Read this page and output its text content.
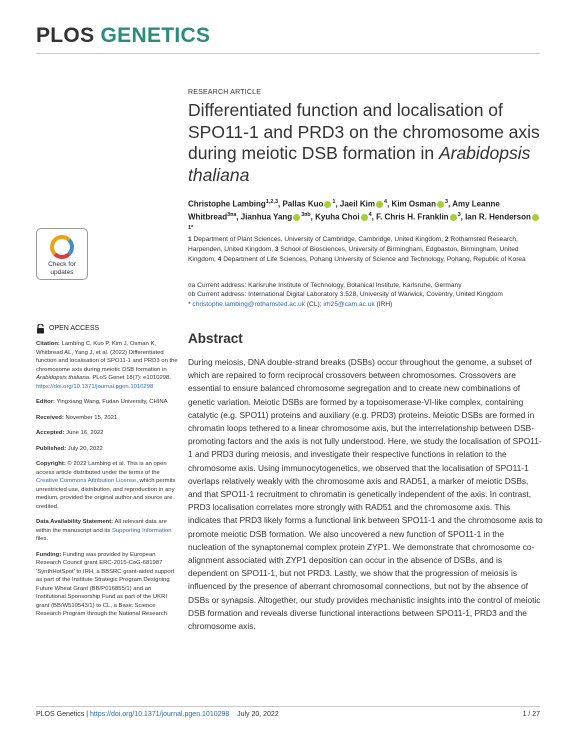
PLOS GENETICS
Check for
updates
OPEN ACCESS
Citation: Lambing C, Kuo P, Kim J, Osman K, Whitbread AL, Yang J, et al. (2022) Differentiated function and localisation of SPO11-1 and PRD3 on the chromosome axis during meiotic DSB formation in Arabidopsis thaliana. PLoS Genet 18(7): e1010298. https://doi.org/10.1371/journal.pgen.1010298
Editor: Yingxiang Wang, Fudan University, CHINA
Received: November 15, 2021
Accepted: June 16, 2022
Published: July 20, 2022
Copyright: © 2022 Lambing et al. This is an open access article distributed under the terms of the Creative Commons Attribution License, which permits unrestricted use, distribution, and reproduction in any medium, provided the original author and source are credited.
Data Availability Statement: All relevant data are within the manuscript and its Supporting Information files.
Funding: Funding was provided by European Research Council grant ERC-2015-CoG-681987 ‘SynthHotSpot’ to IRH, a BBSRC grant-aided support as part of the Institute Strategic Program Designing Future Wheat Grant (BB/P016855/1) and an Institutional Sponsorship Fund as part of the UKRI grant (BB/W510543/1) to CL, a Basic Science Research Program through the National Research
RESEARCH ARTICLE
Differentiated function and localisation of SPO11-1 and PRD3 on the chromosome axis during meiotic DSB formation in Arabidopsis thaliana
Christophe Lambing$^{1,2,3}$, Pallas Kuo $^1$, Jaeil Kim $^4$, Kim Osman $^3$, Amy Leanne Whitbread$^{3¤a}$, Jianhua Yang $^{3¤b}$, Kyuha Choi $^4$, F. Chris H. Franklin $^3$, Ian R. Henderson$^{1*}$
1 Department of Plant Sciences, University of Cambridge, Cambridge, United Kingdom, 2 Rothamsted Research, Harpenden, United Kingdom, 3 School of Biosciences, University of Birmingham, Edgbaston, Birmingham, United Kingdom, 4 Department of Life Sciences, Pohang University of Science and Technology, Pohang, Republic of Korea
¤a Current address: Karlsruhe Institute of Technology, Botanical Institute, Karlsruhe, Germany
¤b Current address: International Digital Laboratory 3.528, University of Warwick, Coventry, United Kingdom
* christophe.lambing@rothamsted.ac.uk (CL); irh25@cam.ac.uk (IRH)
Abstract

During meiosis, DNA double-strand breaks (DSBs) occur throughout the genome, a subset of which are repaired to form reciprocal crossovers between chromosomes. Crossovers are essential to ensure balanced chromosome segregation and to create new combinations of genetic variation. Meiotic DSBs are formed by a topoisomerase-VI-like complex, containing catalytic (e.g. SPO11) proteins and auxiliary (e.g. PRD3) proteins. Meiotic DSBs are formed in chromatin loops tethered to a linear chromosome axis, but the interrelationship between DSB-promoting factors and the axis is not fully understood. Here, we study the localisation of SPO11-1 and PRD3 during meiosis, and investigate their respective functions in relation to the chromosome axis. Using immunocytogenetics, we observed that the localisation of SPO11-1 overlaps relatively weakly with the chromosome axis and RAD51, a marker of meiotic DSBs, and that SPO11-1 recruitment to chromatin is genetically independent of the axis. In contrast, PRD3 localisation correlates more strongly with RAD51 and the chromosome axis. This indicates that PRD3 likely forms a functional link between SPO11-1 and the chromosome axis to promote meiotic DSB formation. We also uncovered a new function of SPO11-1 in the nucleation of the synaptonemal complex protein ZYP1. We demonstrate that chromosome co-alignment associated with ZYP1 deposition can occur in the absence of DSBs, and is dependent on SPO11-1, but not PRD3. Lastly, we show that the progression of meiosis is influenced by the presence of aberrant chromosomal connections, but not by the absence of DSBs or synapsis. Altogether, our study provides mechanistic insights into the control of meiotic DSB formation and reveals diverse functional interactions between SPO11-1, PRD3 and the chromosome axis.

PLOS Genetics | https://doi.org/10.1371/journal.pgen.1010298 July 20, 2022	1 / 27
